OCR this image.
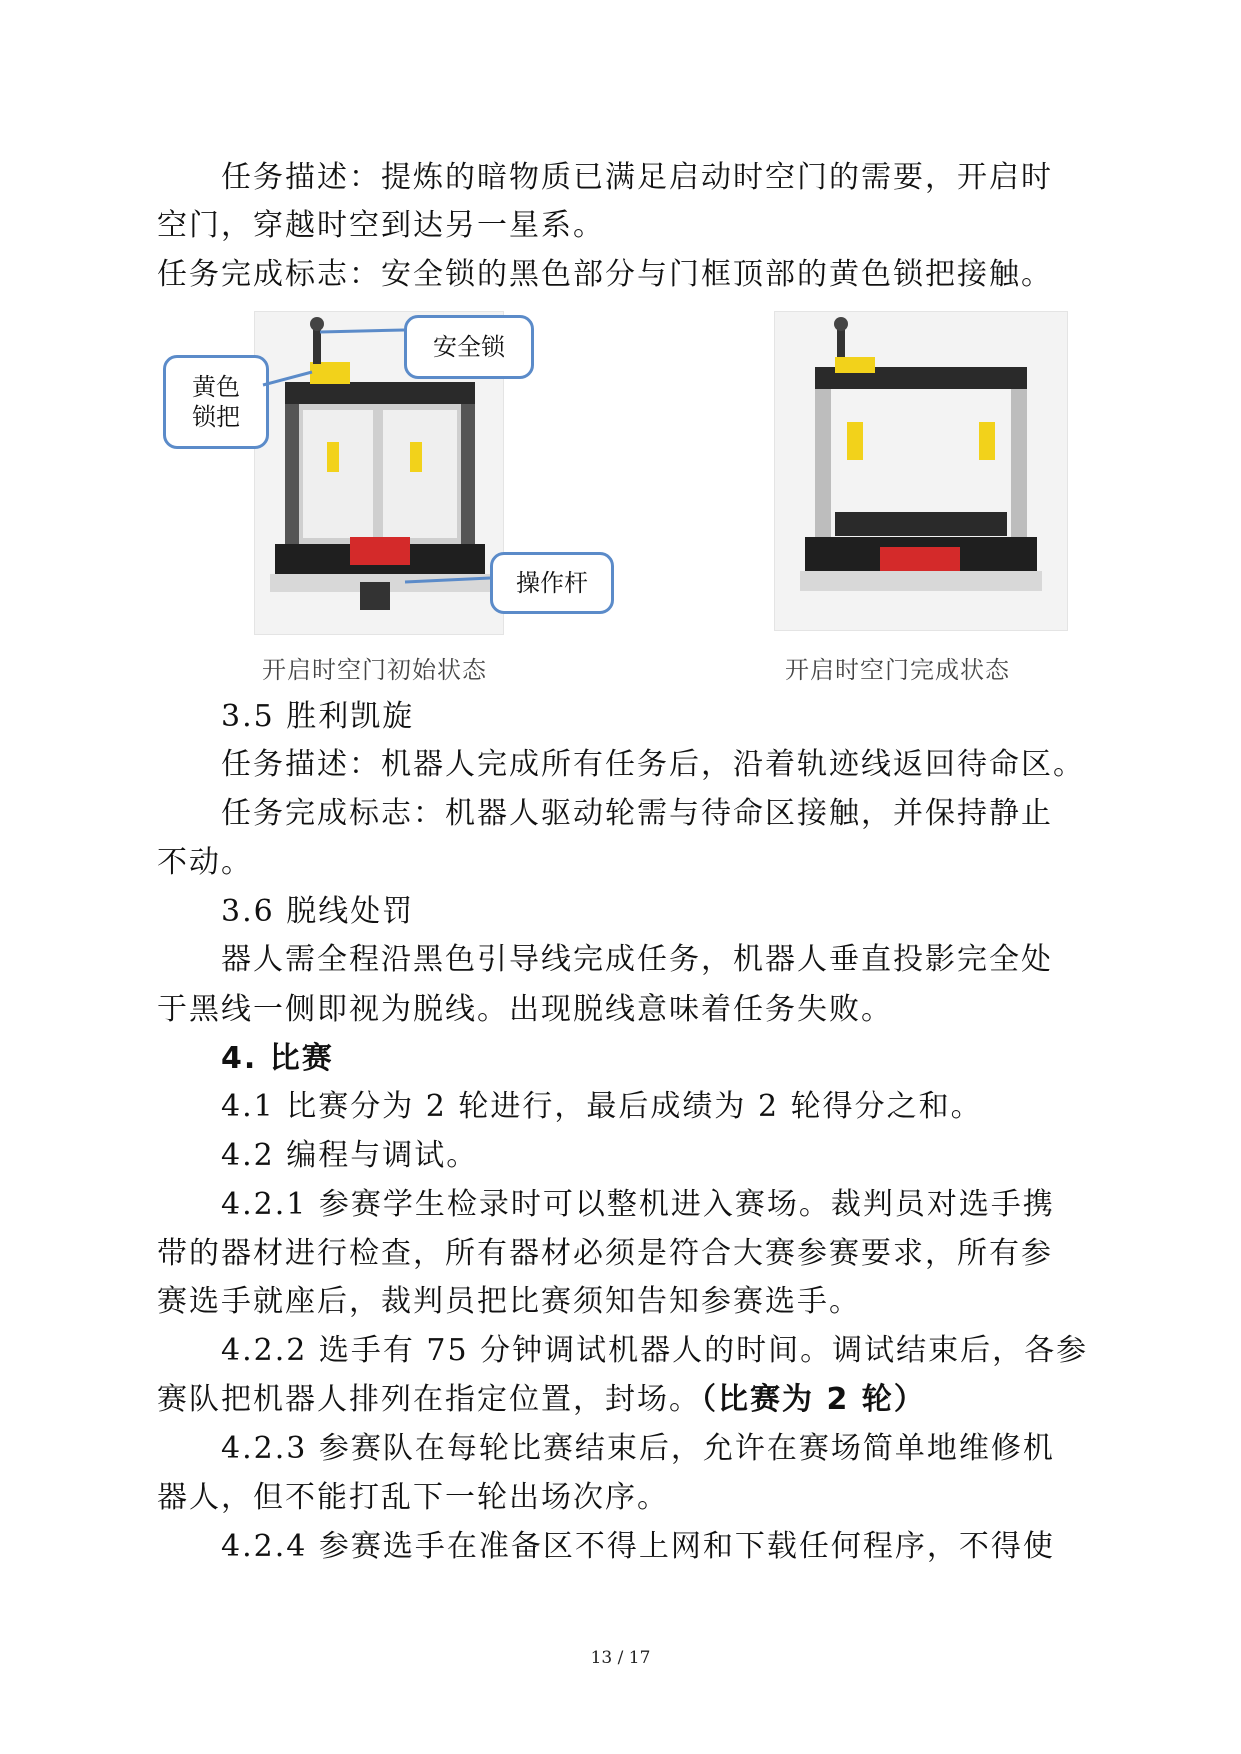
任务描述：提炼的暗物质已满足启动时空门的需要，开启时
空门，穿越时空到达另一星系。
任务完成标志：安全锁的黑色部分与门框顶部的黄色锁把接触。
安全锁
黄色
锁把
操作杆
开启时空门初始状态	开启时空门完成状态
3.5 胜利凯旋
任务描述：机器人完成所有任务后，沿着轨迹线返回待命区。
任务完成标志：机器人驱动轮需与待命区接触，并保持静止
不动。
3.6 脱线处罚
器人需全程沿黑色引导线完成任务，机器人垂直投影完全处
于黑线一侧即视为脱线。出现脱线意味着任务失败。
4. 比赛
4.1 比赛分为 2 轮进行，最后成绩为 2 轮得分之和。
4.2 编程与调试。
4.2.1 参赛学生检录时可以整机进入赛场。裁判员对选手携
带的器材进行检查，所有器材必须是符合大赛参赛要求，所有参
赛选手就座后，裁判员把比赛须知告知参赛选手。
4.2.2 选手有 75 分钟调试机器人的时间。调试结束后，各参
赛队把机器人排列在指定位置，封场。（比赛为 2 轮）
4.2.3 参赛队在每轮比赛结束后，允许在赛场简单地维修机
器人，但不能打乱下一轮出场次序。
4.2.4 参赛选手在准备区不得上网和下载任何程序，不得使
13 / 17
